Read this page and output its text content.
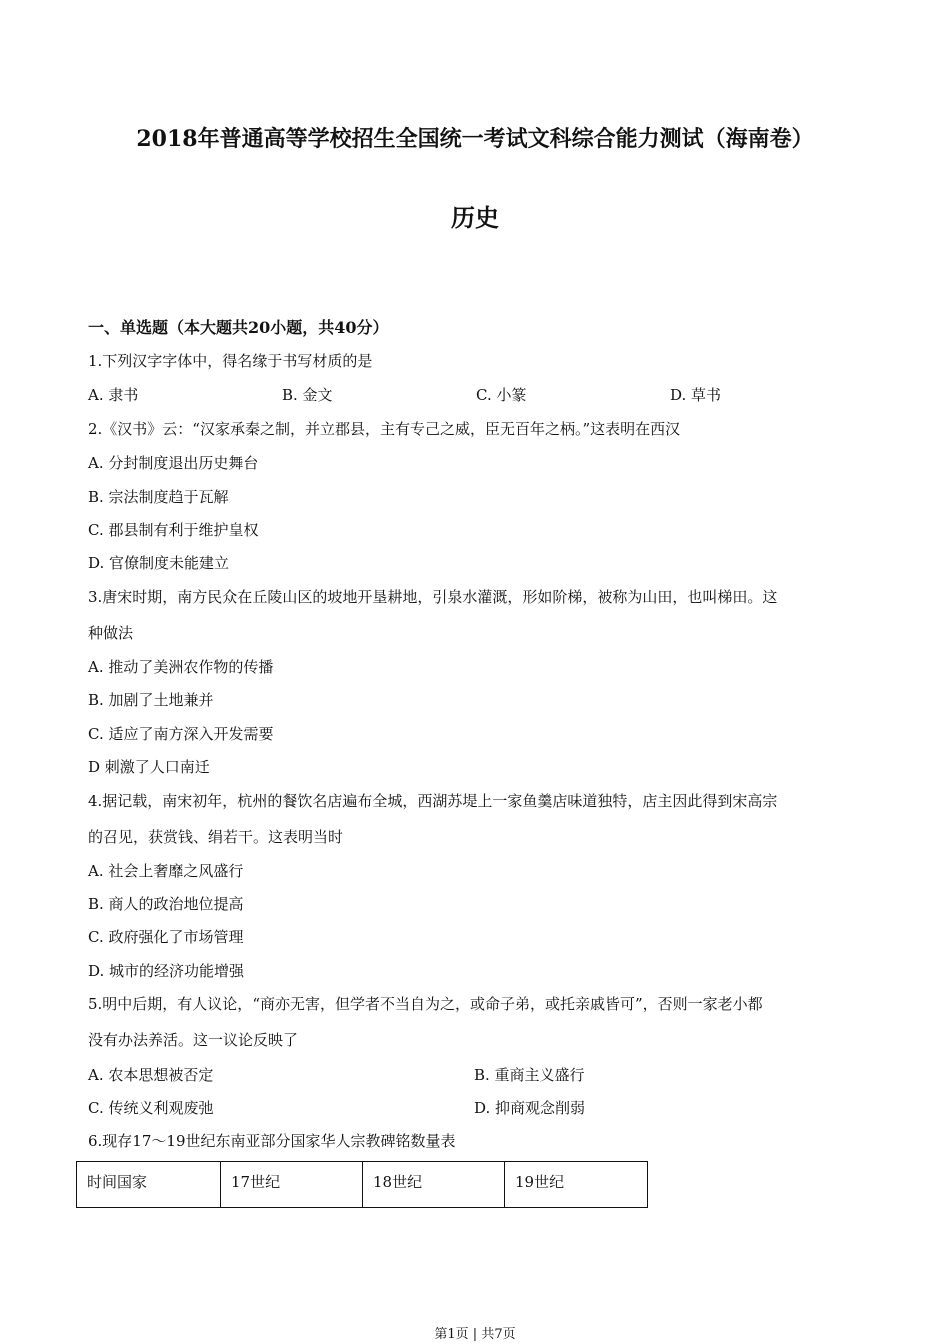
2018年普通高等学校招生全国统一考试文科综合能力测试（海南卷）
历史
一、单选题（本大题共20小题，共40分）
1.下列汉字字体中，得名缘于书写材质的是
A. 隶书	B. 金文	C. 小篆	D. 草书
2.《汉书》云：“汉家承秦之制，并立郡县，主有专己之威，臣无百年之柄。”这表明在西汉
A. 分封制度退出历史舞台
B. 宗法制度趋于瓦解
C. 郡县制有利于维护皇权
D. 官僚制度未能建立
3.唐宋时期，南方民众在丘陵山区的坡地开垦耕地，引泉水灌溉，形如阶梯，被称为山田，也叫梯田。这
种做法
A. 推动了美洲农作物的传播
B. 加剧了土地兼并
C. 适应了南方深入开发需要
D 刺激了人口南迁
4.据记载，南宋初年，杭州的餐饮名店遍布全城，西湖苏堤上一家鱼羹店味道独特，店主因此得到宋高宗
的召见，获赏钱、绢若干。这表明当时
A. 社会上奢靡之风盛行
B. 商人的政治地位提高
C. 政府强化了市场管理
D. 城市的经济功能增强
5.明中后期，有人议论，“商亦无害，但学者不当自为之，或命子弟，或托亲戚皆可”，否则一家老小都
没有办法养活。这一议论反映了
A. 农本思想被否定	B. 重商主义盛行
C. 传统义利观废弛	D. 抑商观念削弱
6.现存17～19世纪东南亚部分国家华人宗教碑铭数量表
时间国家	17世纪	18世纪	19世纪
第1页 | 共7页
